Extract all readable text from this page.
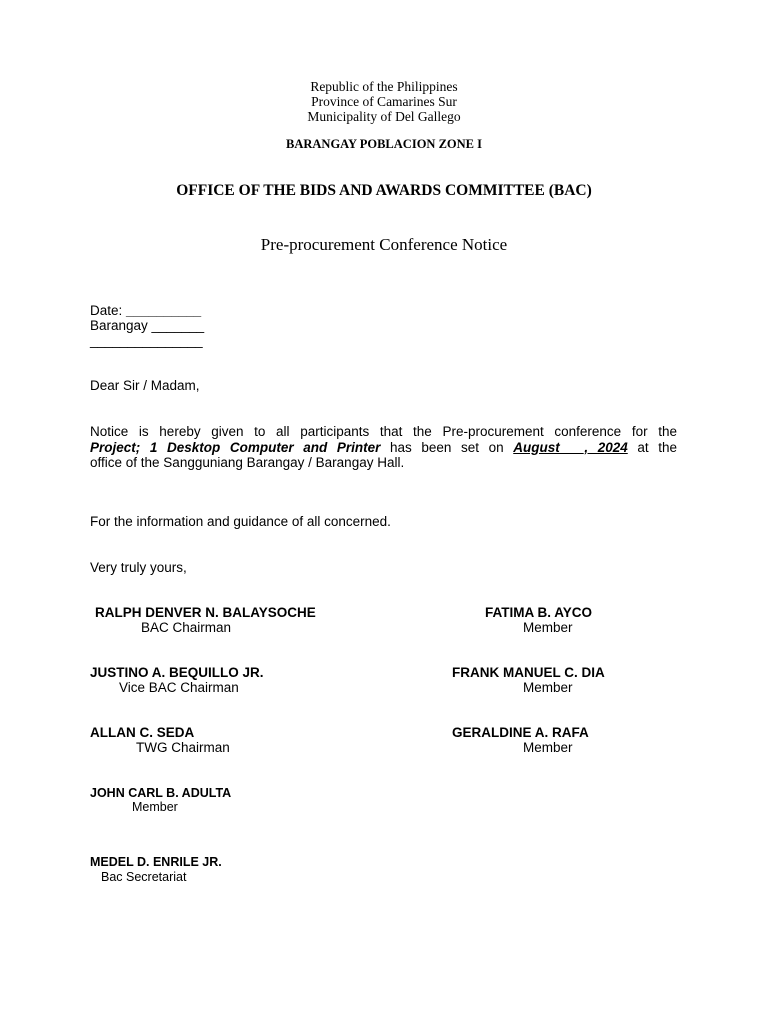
Republic of the Philippines
Province of Camarines Sur
Municipality of Del Gallego
BARANGAY POBLACION ZONE I
OFFICE OF THE BIDS AND AWARDS COMMITTEE (BAC)
Pre-procurement Conference Notice
Date: __________
Barangay _______
_______________
Dear Sir / Madam,
Notice is hereby given to all participants that the Pre-procurement conference for the
Project; 1 Desktop Computer and Printer has been set on August __, 2024 at the
office of the Sangguniang Barangay / Barangay Hall.
For the information and guidance of all concerned.
Very truly yours,
RALPH DENVER N. BALAYSOCHE
BAC Chairman
FATIMA B. AYCO
Member
JUSTINO A. BEQUILLO JR.
Vice BAC Chairman
FRANK MANUEL C. DIA
Member
ALLAN C. SEDA
TWG Chairman
GERALDINE A. RAFA
Member
JOHN CARL B. ADULTA
Member
MEDEL D. ENRILE JR.
Bac Secretariat
